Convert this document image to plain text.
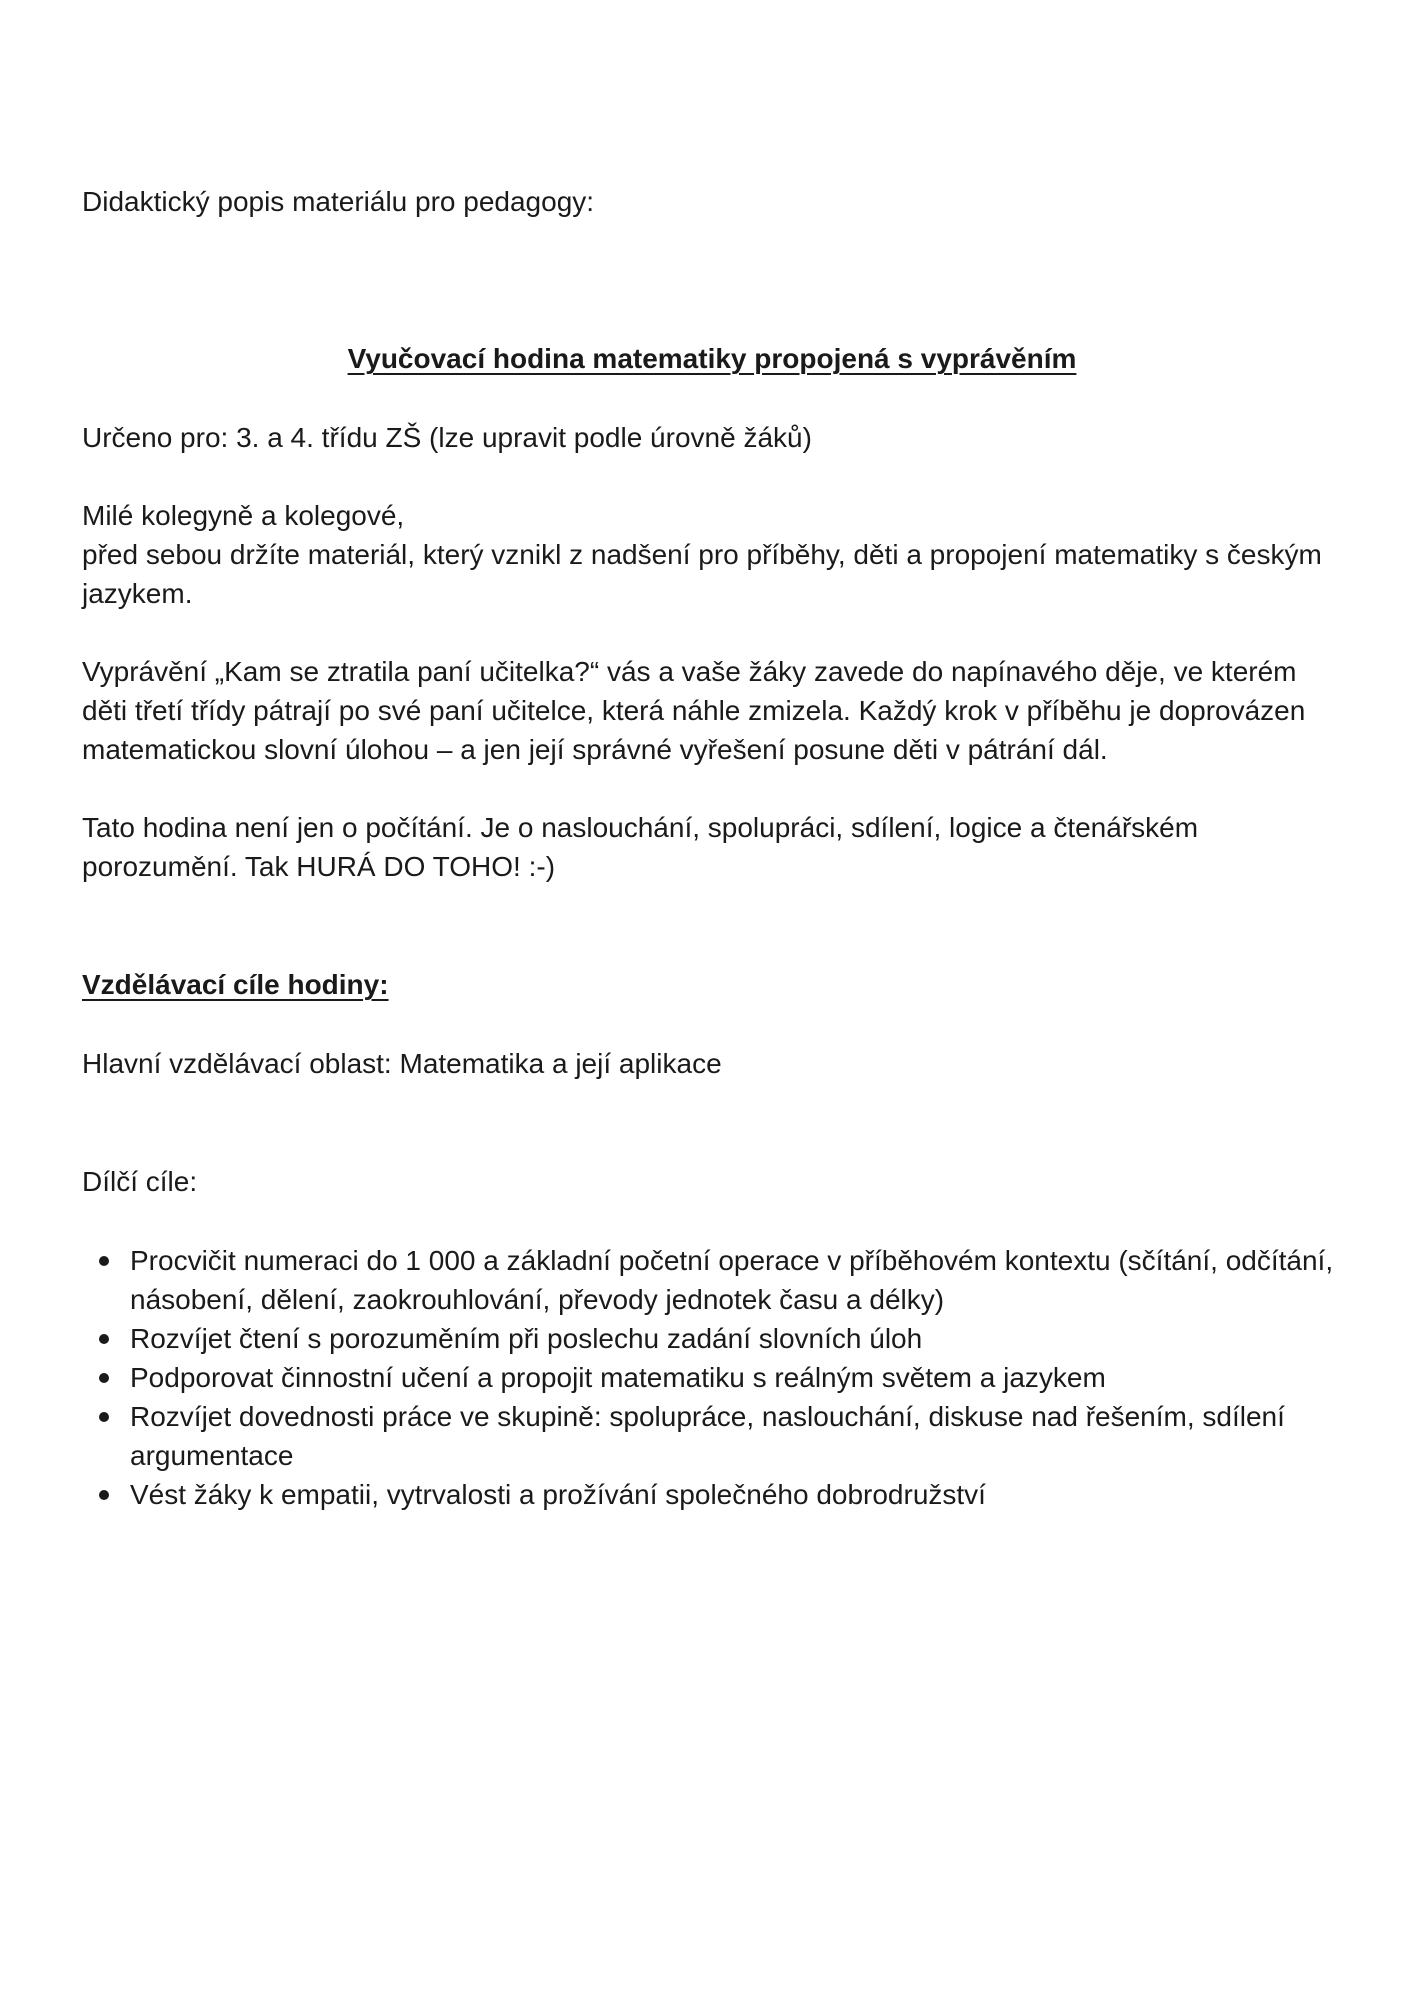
Didaktický popis materiálu pro pedagogy:

Vyučovací hodina matematiky propojená s vyprávěním

Určeno pro: 3. a 4. třídu ZŠ (lze upravit podle úrovně žáků)

Milé kolegyně a kolegové,

před sebou držíte materiál, který vznikl z nadšení pro příběhy, děti a propojení matematiky s českým jazykem.

Vyprávění „Kam se ztratila paní učitelka?“ vás a vaše žáky zavede do napínavého děje, ve kterém děti třetí třídy pátrají po své paní učitelce, která náhle zmizela. Každý krok v příběhu je doprovázen matematickou slovní úlohou – a jen její správné vyřešení posune děti v pátrání dál.

Tato hodina není jen o počítání. Je o naslouchání, spolupráci, sdílení, logice a čtenářském porozumění. Tak HURÁ DO TOHO! :-)

Vzdělávací cíle hodiny:

Hlavní vzdělávací oblast: Matematika a její aplikace

Dílčí cíle:

Procvičit numeraci do 1 000 a základní početní operace v příběhovém kontextu (sčítání, odčítání, násobení, dělení, zaokrouhlování, převody jednotek času a délky)
Rozvíjet čtení s porozuměním při poslechu zadání slovních úloh
Podporovat činnostní učení a propojit matematiku s reálným světem a jazykem
Rozvíjet dovednosti práce ve skupině: spolupráce, naslouchání, diskuse nad řešením, sdílení argumentace
Vést žáky k empatii, vytrvalosti a prožívání společného dobrodružství
